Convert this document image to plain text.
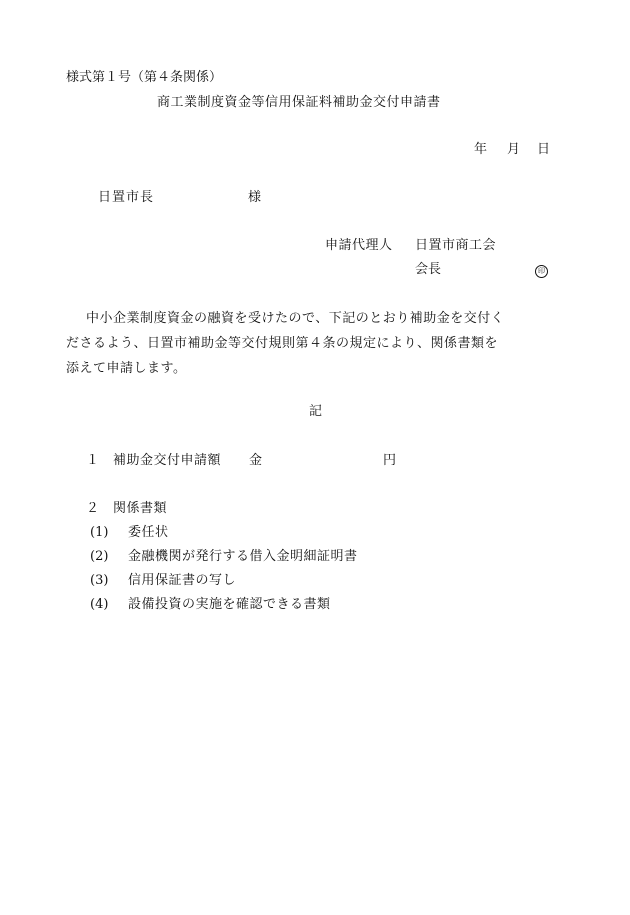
様式第１号（第４条関係）
商工業制度資金等信用保証料補助金交付申請書
年 月 日
日置市長	様
申請代理人 日置市商工会
会長	印
中小企業制度資金の融資を受けたので、下記のとおり補助金を交付く
ださるよう、日置市補助金等交付規則第４条の規定により、関係書類を
添えて申請します。
記
１ 補助金交付申請額 金	円
２ 関係書類
(1) 委任状
(2) 金融機関が発行する借入金明細証明書
(3) 信用保証書の写し
(4) 設備投資の実施を確認できる書類
